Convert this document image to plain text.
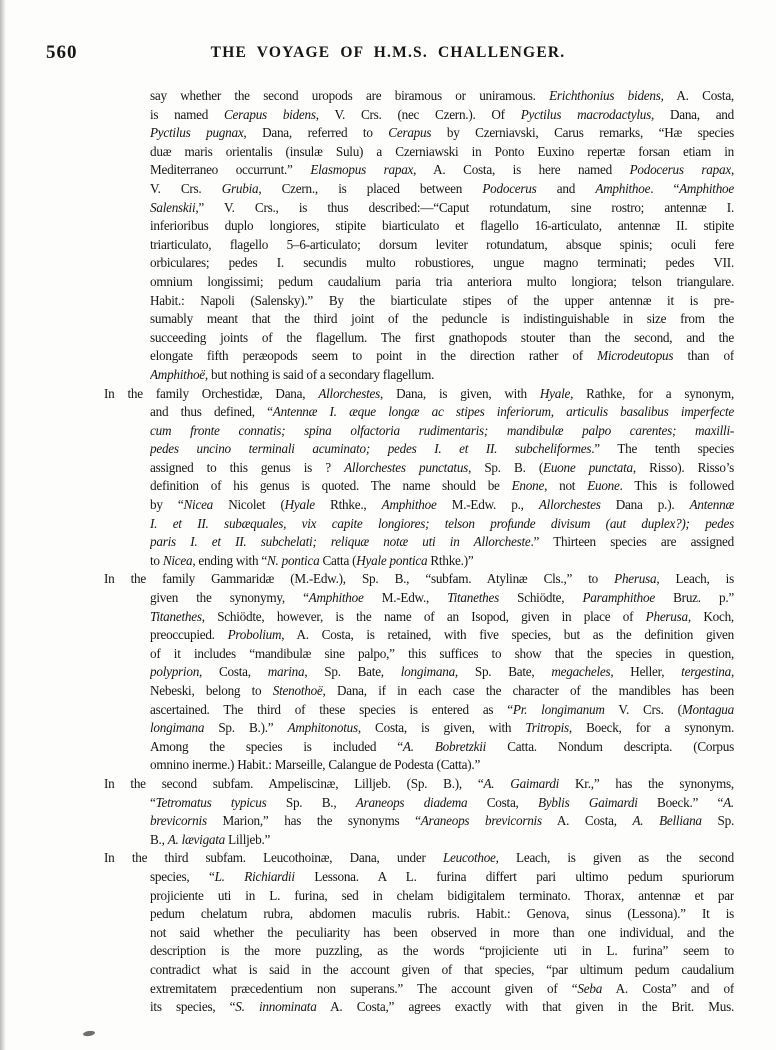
560	THE VOYAGE OF H.M.S. CHALLENGER.
say whether the second uropods are biramous or uniramous. Erichthonius bidens, A. Costa,
is named Cerapus bidens, V. Crs. (nec Czern.). Of Pyctilus macrodactylus, Dana, and
Pyctilus pugnax, Dana, referred to Cerapus by Czerniavski, Carus remarks, “Hæ species
duæ maris orientalis (insulæ Sulu) a Czerniawski in Ponto Euxino repertæ forsan etiam in
Mediterraneo occurrunt.” Elasmopus rapax, A. Costa, is here named Podocerus rapax,
V. Crs. Grubia, Czern., is placed between Podocerus and Amphithoe. “Amphithoe
Salenskii,” V. Crs., is thus described:—“Caput rotundatum, sine rostro; antennæ I.
inferioribus duplo longiores, stipite biarticulato et flagello 16-articulato, antennæ II. stipite
triarticulato, flagello 5–6-articulato; dorsum leviter rotundatum, absque spinis; oculi fere
orbiculares; pedes I. secundis multo robustiores, ungue magno terminati; pedes VII.
omnium longissimi; pedum caudalium paria tria anteriora multo longiora; telson triangulare.
Habit.: Napoli (Salensky).” By the biarticulate stipes of the upper antennæ it is pre-
sumably meant that the third joint of the peduncle is indistinguishable in size from the
succeeding joints of the flagellum. The first gnathopods stouter than the second, and the
elongate fifth peræopods seem to point in the direction rather of Microdeutopus than of
Amphithoë, but nothing is said of a secondary flagellum.
In the family Orchestidæ, Dana, Allorchestes, Dana, is given, with Hyale, Rathke, for a synonym,
and thus defined, “Antennæ I. æque longæ ac stipes inferiorum, articulis basalibus imperfecte
cum fronte connatis; spina olfactoria rudimentaris; mandibulæ palpo carentes; maxilli-
pedes uncino terminali acuminato; pedes I. et II. subcheliformes.” The tenth species
assigned to this genus is ? Allorchestes punctatus, Sp. B. (Euone punctata, Risso). Risso’s
definition of his genus is quoted. The name should be Enone, not Euone. This is followed
by “Nicea Nicolet (Hyale Rthke., Amphithoe M.-Edw. p., Allorchestes Dana p.). Antennæ
I. et II. subæquales, vix capite longiores; telson profunde divisum (aut duplex?); pedes
paris I. et II. subchelati; reliquæ notæ uti in Allorcheste.” Thirteen species are assigned
to Nicea, ending with “N. pontica Catta (Hyale pontica Rthke.)”
In the family Gammaridæ (M.-Edw.), Sp. B., “subfam. Atylinæ Cls.,” to Pherusa, Leach, is
given the synonymy, “Amphithoe M.-Edw., Titanethes Schiödte, Paramphithoe Bruz. p.”
Titanethes, Schiödte, however, is the name of an Isopod, given in place of Pherusa, Koch,
preoccupied. Probolium, A. Costa, is retained, with five species, but as the definition given
of it includes “mandibulæ sine palpo,” this suffices to show that the species in question,
polyprion, Costa, marina, Sp. Bate, longimana, Sp. Bate, megacheles, Heller, tergestina,
Nebeski, belong to Stenothoë, Dana, if in each case the character of the mandibles has been
ascertained. The third of these species is entered as “Pr. longimanum V. Crs. (Montagua
longimana Sp. B.).” Amphitonotus, Costa, is given, with Tritropis, Boeck, for a synonym.
Among the species is included “A. Bobretzkii Catta. Nondum descripta. (Corpus
omnino inerme.) Habit.: Marseille, Calangue de Podesta (Catta).”
In the second subfam. Ampeliscinæ, Lilljeb. (Sp. B.), “A. Gaimardi Kr.,” has the synonyms,
“Tetromatus typicus Sp. B., Araneops diadema Costa, Byblis Gaimardi Boeck.” “A.
brevicornis Marion,” has the synonyms “Araneops brevicornis A. Costa, A. Belliana Sp.
B., A. lævigata Lilljeb.”
In the third subfam. Leucothoinæ, Dana, under Leucothoe, Leach, is given as the second
species, “L. Richiardii Lessona. A L. furina differt pari ultimo pedum spuriorum
projiciente uti in L. furina, sed in chelam bidigitalem terminato. Thorax, antennæ et par
pedum chelatum rubra, abdomen maculis rubris. Habit.: Genova, sinus (Lessona).” It is
not said whether the peculiarity has been observed in more than one individual, and the
description is the more puzzling, as the words “projiciente uti in L. furina” seem to
contradict what is said in the account given of that species, “par ultimum pedum caudalium
extremitatem præcedentium non superans.” The account given of “Seba A. Costa” and of
its species, “S. innominata A. Costa,” agrees exactly with that given in the Brit. Mus.
